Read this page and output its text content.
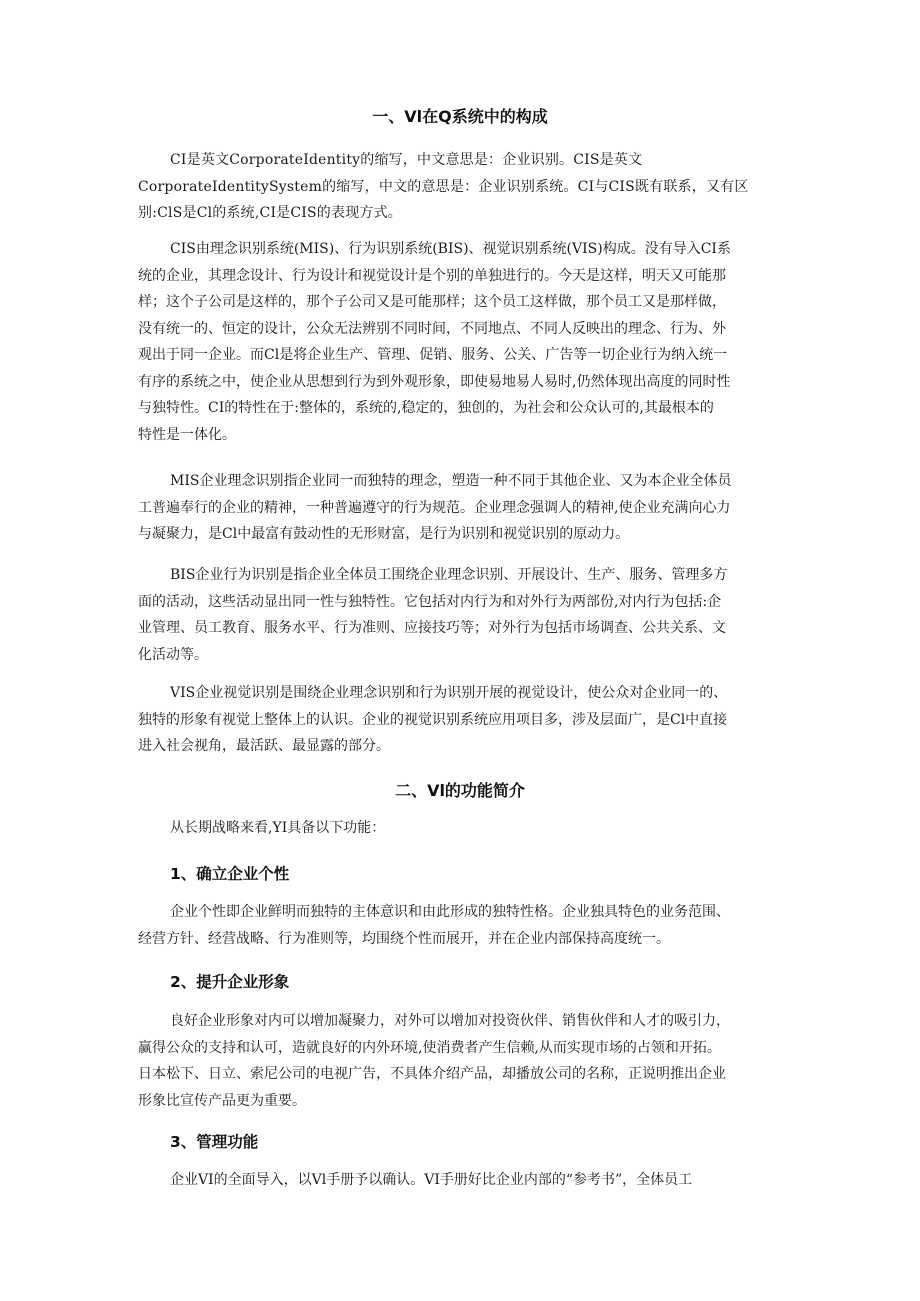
一、Vl在Q系统中的构成
CI是英文CorporateIdentity的缩写，中文意思是：企业识别。CIS是英文
CorporateIdentitySystem的缩写，中文的意思是：企业识别系统。CI与CIS既有联系，又有区
别:ClS是Cl的系统,CI是CIS的表现方式。
CIS由理念识别系统(MIS)、行为识别系统(BIS)、视觉识别系统(VIS)构成。没有导入CI系
统的企业，其理念设计、行为设计和视觉设计是个别的单独进行的。今天是这样，明天又可能那
样；这个子公司是这样的，那个子公司又是可能那样；这个员工这样做，那个员工又是那样做，
没有统一的、恒定的设计，公众无法辨别不同时间，不同地点、不同人反映出的理念、行为、外
观出于同一企业。而Cl是将企业生产、管理、促销、服务、公关、广告等一切企业行为纳入统一
有序的系统之中，使企业从思想到行为到外观形象，即使易地易人易时,仍然体现出高度的同时性
与独特性。CI的特性在于:整体的，系统的,稳定的，独创的，为社会和公众认可的,其最根本的
特性是一体化。
MIS企业理念识别指企业同一而独特的理念，塑造一种不同于其他企业、又为本企业全体员
工普遍奉行的企业的精神，一种普遍遵守的行为规范。企业理念强调人的精神,使企业充满向心力
与凝聚力，是Cl中最富有鼓动性的无形财富，是行为识别和视觉识别的原动力。
BIS企业行为识别是指企业全体员工围绕企业理念识别、开展设计、生产、服务、管理多方
面的活动，这些活动显出同一性与独特性。它包括对内行为和对外行为两部份,对内行为包括:企
业管理、员工教育、服务水平、行为准则、应接技巧等；对外行为包括市场调查、公共关系、文
化活动等。
VIS企业视觉识别是围绕企业理念识别和行为识别开展的视觉设计，使公众对企业同一的、
独特的形象有视觉上整体上的认识。企业的视觉识别系统应用项目多，涉及层面广，是Cl中直接
进入社会视角，最活跃、最显露的部分。
二、Vl的功能简介
从长期战略来看,YI具备以下功能：
1、确立企业个性
企业个性即企业鲜明而独特的主体意识和由此形成的独特性格。企业独具特色的业务范围、
经营方针、经营战略、行为准则等，均围绕个性而展开，并在企业内部保持高度统一。
2、提升企业形象
良好企业形象对内可以增加凝聚力，对外可以增加对投资伙伴、销售伙伴和人才的吸引力，
赢得公众的支持和认可，造就良好的内外环境,使消费者产生信赖,从而实现市场的占领和开拓。
日本松下、日立、索尼公司的电视广告，不具体介绍产品，却播放公司的名称，正说明推出企业
形象比宣传产品更为重要。
3、管理功能
企业VI的全面导入，以Vl手册予以确认。VI手册好比企业内部的“参考书”，全体员工
